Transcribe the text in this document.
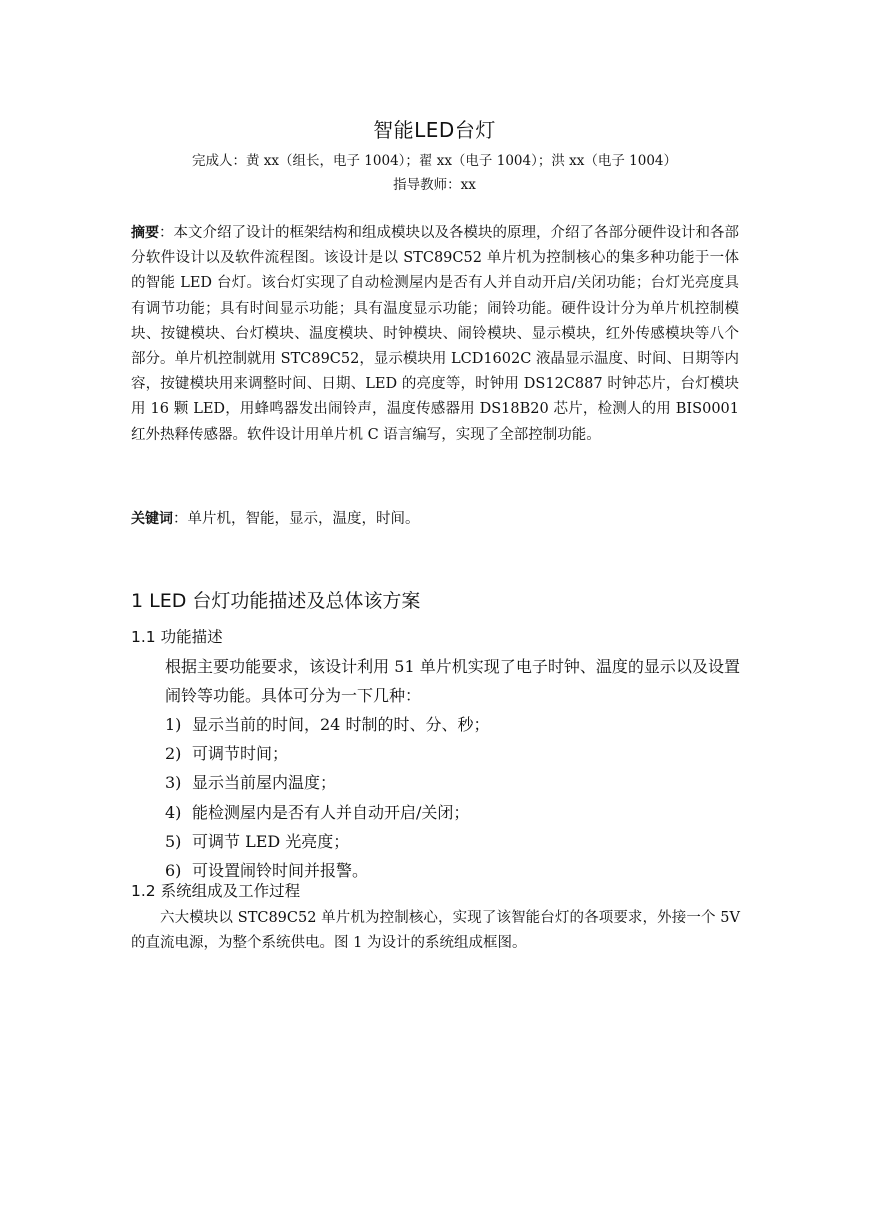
智能LED台灯
完成人：黄 xx（组长，电子 1004）；翟 xx（电子 1004）；洪 xx（电子 1004）
指导教师：xx
摘要：本文介绍了设计的框架结构和组成模块以及各模块的原理，介绍了各部分硬件设计和各部分软件设计以及软件流程图。该设计是以 STC89C52 单片机为控制核心的集多种功能于一体的智能 LED 台灯。该台灯实现了自动检测屋内是否有人并自动开启/关闭功能；台灯光亮度具有调节功能；具有时间显示功能；具有温度显示功能；闹铃功能。硬件设计分为单片机控制模块、按键模块、台灯模块、温度模块、时钟模块、闹铃模块、显示模块，红外传感模块等八个部分。单片机控制就用 STC89C52，显示模块用 LCD1602C 液晶显示温度、时间、日期等内容，按键模块用来调整时间、日期、LED 的亮度等，时钟用 DS12C887 时钟芯片，台灯模块用 16 颗 LED，用蜂鸣器发出闹铃声，温度传感器用 DS18B20 芯片，检测人的用 BIS0001 红外热释传感器。软件设计用单片机 C 语言编写，实现了全部控制功能。
关键词：单片机，智能，显示，温度，时间。
1 LED 台灯功能描述及总体该方案
1.1 功能描述
根据主要功能要求，该设计利用 51 单片机实现了电子时钟、温度的显示以及设置闹铃等功能。具体可分为一下几种：
1) 显示当前的时间，24 时制的时、分、秒；
2) 可调节时间；
3) 显示当前屋内温度；
4) 能检测屋内是否有人并自动开启/关闭；
5) 可调节 LED 光亮度；
6) 可设置闹铃时间并报警。
1.2 系统组成及工作过程
六大模块以 STC89C52 单片机为控制核心，实现了该智能台灯的各项要求，外接一个 5V 的直流电源，为整个系统供电。图 1 为设计的系统组成框图。
